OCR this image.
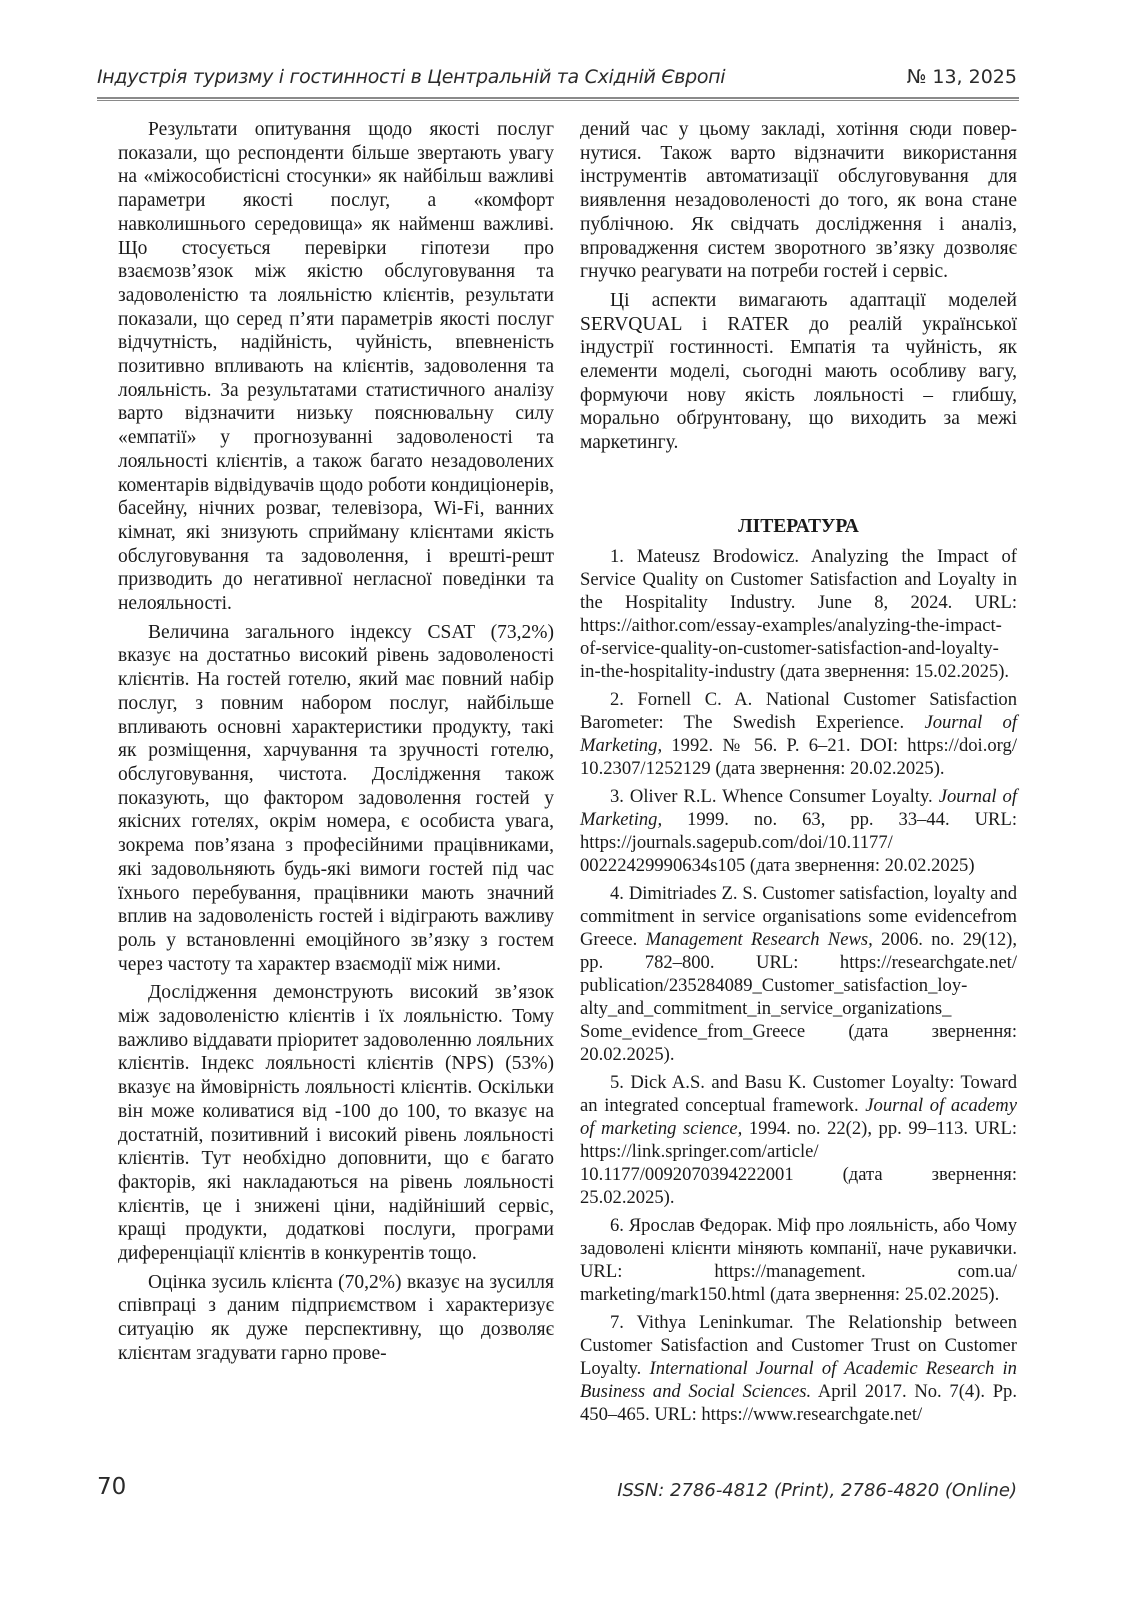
Індустрія туризму і гостинності в Центральній та Східній Європі	№ 13, 2025

Результати опитування щодо якості послуг показали, що респонденти більше звертають увагу на «міжособистісні стосунки» як найбільш важливі параметри якості послуг, а «комфорт навколишнього середовища» як найменш важливі. Що стосується перевірки гіпотези про взаємозв’язок між якістю обслуговування та задоволеністю та лояльністю клієнтів, результати показали, що серед п’яти параметрів якості послуг відчутність, надійність, чуйність, впевненість позитивно впливають на клієнтів, задоволення та лояльність. За результатами статистичного аналізу варто відзначити низьку пояснювальну силу «емпатії» у прогнозуванні задоволеності та лояльності клієнтів, а також багато незадоволених коментарів відвідувачів щодо роботи кондиціонерів, басейну, нічних розваг, телевізора, Wi-Fi, ванних кімнат, які знизують сприйману клієнтами якість обслуговування та задоволення, і врешті-решт призводить до негативної негласної поведінки та нелояльності.

Величина загального індексу CSAT (73,2%) вказує на достатньо високий рівень задоволеності клієнтів. На гостей готелю, який має повний набір послуг, з повним набором послуг, найбільше впливають основні характеристики продукту, такі як розміщення, харчування та зручності готелю, обслуговування, чистота. Дослідження також показують, що фактором задоволення гостей у якісних готелях, окрім номера, є особиста увага, зокрема пов’язана з професійними працівниками, які задовольняють будь-які вимоги гостей під час їхнього перебування, працівники мають значний вплив на задоволеність гостей і відіграють важливу роль у встановленні емоційного зв’язку з гостем через частоту та характер взаємодії між ними.

Дослідження демонструють високий зв’язок між задоволеністю клієнтів і їх лояльністю. Тому важливо віддавати пріоритет задоволенню лояльних клієнтів. Індекс лояльності клієнтів (NPS) (53%) вказує на ймовірність лояльності клієнтів. Оскільки він може коливатися від -100 до 100, то вказує на достатній, позитивний і високий рівень лояльності клієнтів. Тут необхідно доповнити, що є багато факторів, які накладаються на рівень лояльності клієнтів, це і знижені ціни, надійніший сервіс, кращі продукти, додаткові послуги, програми диференціації клієнтів в конкурентів тощо.

Оцінка зусиль клієнта (70,2%) вказує на зусилля співпраці з даним підприємством і характеризує ситуацію як дуже перспективну, що дозволяє клієнтам згадувати гарно прове-

дений час у цьому закладі, хотіння сюди повернутися. Також варто відзначити використання інструментів автоматизації обслуговування для виявлення незадоволеності до того, як вона стане публічною. Як свідчать дослідження і аналіз, впровадження систем зворотного зв’язку дозволяє гнучко реагувати на потреби гостей і сервіс.

Ці аспекти вимагають адаптації моделей SERVQUAL і RATER до реалій української індустрії гостинності. Емпатія та чуйність, як елементи моделі, сьогодні мають особливу вагу, формуючи нову якість лояльності – глибшу, морально обґрунтовану, що виходить за межі маркетингу.

ЛІТЕРАТУРА

1. Mateusz Brodowicz. Analyzing the Impact of Service Quality on Customer Satisfaction and Loyalty in the Hospitality Industry. June 8, 2024. URL: https://aithor.com/essay-examples/analyzing-the-impact-of-service-quality-on-customer-satisfaction-and-loyalty-in-the-hospitality-industry (дата звернення: 15.02.2025).

2. Fornell C. A. National Customer Satisfaction Barometer: The Swedish Experience. Journal of Marketing, 1992. № 56. P. 6–21. DOI: https://doi.org/ 10.2307/1252129 (дата звернення: 20.02.2025).

3. Oliver R.L. Whence Consumer Loyalty. Journal of Marketing, 1999. no. 63, pp. 33–44. URL: https://journals.sagepub.com/doi/10.1177/ 00222429990634s105 (дата звернення: 20.02.2025)

4. Dimitriades Z. S. Customer satisfaction, loyalty and commitment in service organisations some evidencefrom Greece. Management Research News, 2006. no. 29(12), pp. 782–800. URL: https://researchgate.net/ publication/235284089_Customer_satisfaction_loyalty_and_commitment_in_service_organizations_ Some_evidence_from_Greece (дата звернення: 20.02.2025).

5. Dick A.S. and Basu K. Customer Loyalty: Toward an integrated conceptual framework. Journal of academy of marketing science, 1994. no. 22(2), pp. 99–113. URL: https://link.springer.com/article/ 10.1177/0092070394222001 (дата звернення: 25.02.2025).

6. Ярослав Федорак. Міф про лояльність, або Чому задоволені клієнти міняють компанії, наче рукавички. URL: https://management. com.ua/ marketing/mark150.html (дата звернення: 25.02.2025).

7. Vithya Leninkumar. The Relationship between Customer Satisfaction and Customer Trust on Customer Loyalty. International Journal of Academic Research in Business and Social Sciences. April 2017. No. 7(4). Pp. 450–465. URL: https://www.researchgate.net/

70	ISSN: 2786-4812 (Print), 2786-4820 (Online)
